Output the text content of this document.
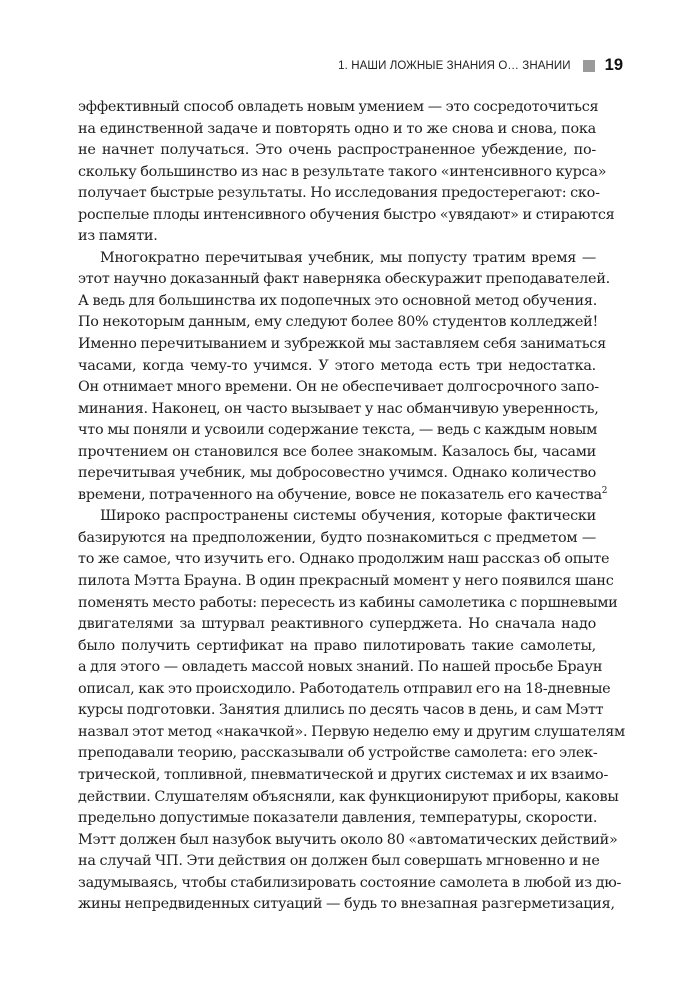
1. НАШИ ЛОЖНЫЕ ЗНАНИЯ О… ЗНАНИИ 19
эффективный способ овладеть новым умением — это сосредоточиться
на единственной задаче и повторять одно и то же снова и снова, пока
не начнет получаться. Это очень распространенное убеждение, по-
скольку большинство из нас в результате такого «интенсивного курса»
получает быстрые результаты. Но исследования предостерегают: ско-
роспелые плоды интенсивного обучения быстро «увядают» и стираются
из памяти.
Многократно перечитывая учебник, мы попусту тратим время —
этот научно доказанный факт наверняка обескуражит преподавателей.
А ведь для большинства их подопечных это основной метод обучения.
По некоторым данным, ему следуют более 80% студентов колледжей!
Именно перечитыванием и зубрежкой мы заставляем себя заниматься
часами, когда чему-то учимся. У этого метода есть три недостатка.
Он отнимает много времени. Он не обеспечивает долгосрочного запо-
минания. Наконец, он часто вызывает у нас обманчивую уверенность,
что мы поняли и усвоили содержание текста, — ведь с каждым новым
прочтением он становился все более знакомым. Казалось бы, часами
перечитывая учебник, мы добросовестно учимся. Однако количество
времени, потраченного на обучение, вовсе не показатель его качества$^2$
Широко распространены системы обучения, которые фактически
базируются на предположении, будто познакомиться с предметом —
то же самое, что изучить его. Однако продолжим наш рассказ об опыте
пилота Мэтта Брауна. В один прекрасный момент у него появился шанс
поменять место работы: пересесть из кабины самолетика с поршневыми
двигателями за штурвал реактивного суперджета. Но сначала надо
было получить сертификат на право пилотировать такие самолеты,
а для этого — овладеть массой новых знаний. По нашей просьбе Браун
описал, как это происходило. Работодатель отправил его на 18-дневные
курсы подготовки. Занятия длились по десять часов в день, и сам Мэтт
назвал этот метод «накачкой». Первую неделю ему и другим слушателям
преподавали теорию, рассказывали об устройстве самолета: его элек-
трической, топливной, пневматической и других системах и их взаимо-
действии. Слушателям объясняли, как функционируют приборы, каковы
предельно допустимые показатели давления, температуры, скорости.
Мэтт должен был назубок выучить около 80 «автоматических действий»
на случай ЧП. Эти действия он должен был совершать мгновенно и не
задумываясь, чтобы стабилизировать состояние самолета в любой из дю-
жины непредвиденных ситуаций — будь то внезапная разгерметизация,
